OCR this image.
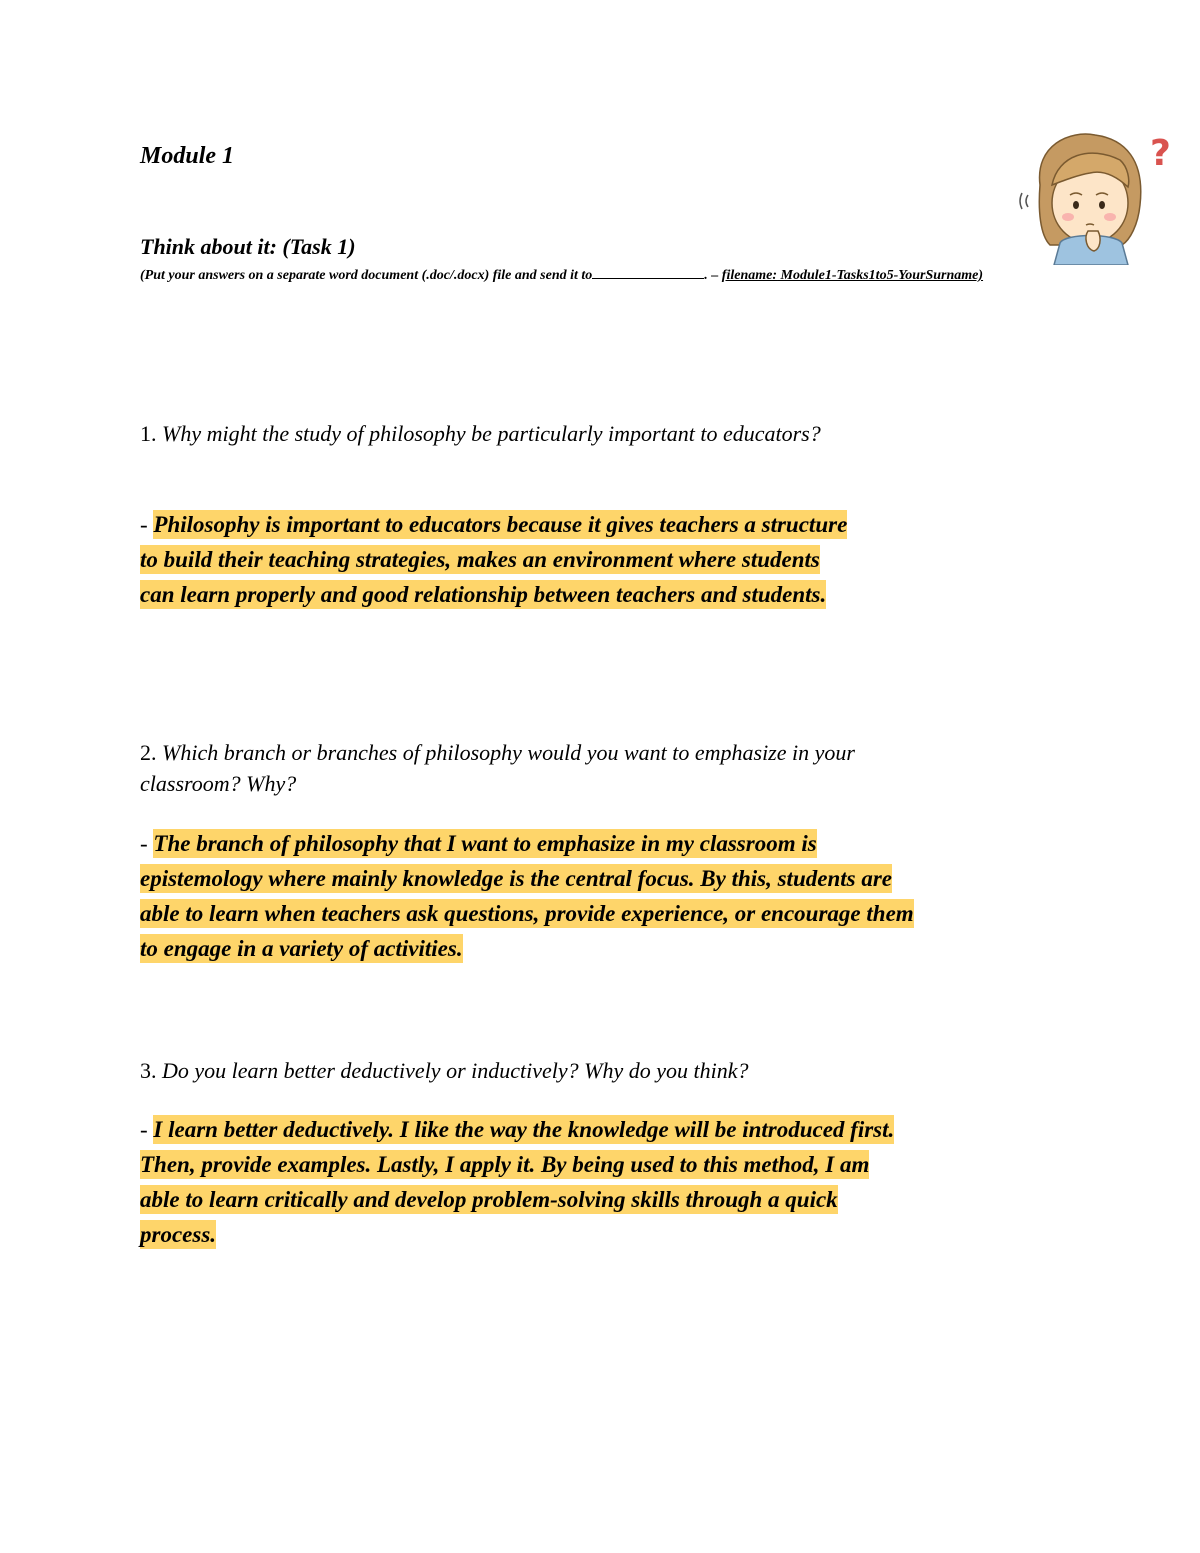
Module 1
Think about it: (Task 1)
(Put your answers on a separate word document (.doc/.docx) file and send it to	. – filename: Module1-Tasks1to5-YourSurname)
?
1. Why might the study of philosophy be particularly important to educators?
- Philosophy is important to educators because it gives teachers a structure to build their teaching strategies, makes an environment where students can learn properly and good relationship between teachers and students.
2. Which branch or branches of philosophy would you want to emphasize in your classroom? Why?
- The branch of philosophy that I want to emphasize in my classroom is epistemology where mainly knowledge is the central focus. By this, students are able to learn when teachers ask questions, provide experience, or encourage them to engage in a variety of activities.
3. Do you learn better deductively or inductively? Why do you think?
- I learn better deductively. I like the way the knowledge will be introduced first. Then, provide examples. Lastly, I apply it. By being used to this method, I am able to learn critically and develop problem-solving skills through a quick process.
